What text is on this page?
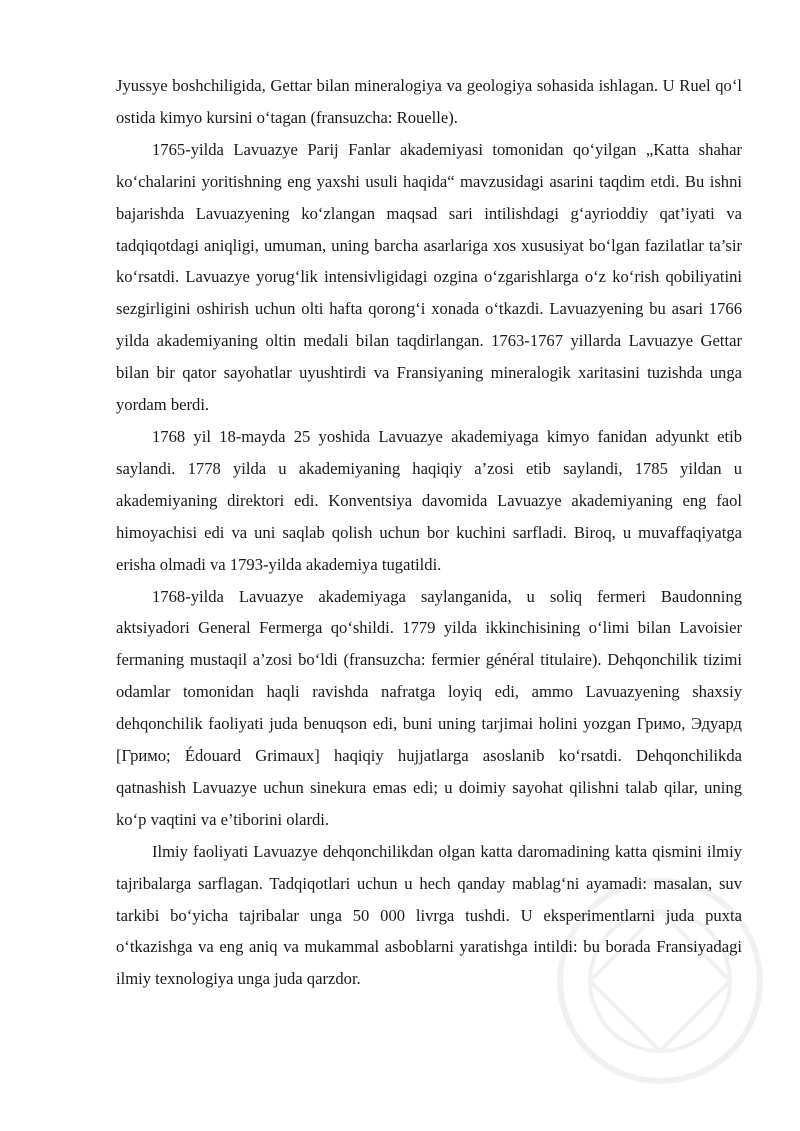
Jyussye boshchiligida, Gettar bilan mineralogiya va geologiya sohasida ishlagan. U Ruel qo‘l ostida kimyo kursini o‘tagan (fransuzcha: Rouelle).

1765-yilda Lavuazye Parij Fanlar akademiyasi tomonidan qo‘yilgan „Katta shahar ko‘chalarini yoritishning eng yaxshi usuli haqida“ mavzusidagi asarini taqdim etdi. Bu ishni bajarishda Lavuazyening ko‘zlangan maqsad sari intilishdagi g‘ayrioddiy qat’iyati va tadqiqotdagi aniqligi, umuman, uning barcha asarlariga xos xususiyat bo‘lgan fazilatlar ta’sir ko‘rsatdi. Lavuazye yorug‘lik intensivligidagi ozgina o‘zgarishlarga o‘z ko‘rish qobiliyatini sezgirligini oshirish uchun olti hafta qorong‘i xonada o‘tkazdi. Lavuazyening bu asari 1766 yilda akademiyaning oltin medali bilan taqdirlangan. 1763-1767 yillarda Lavuazye Gettar bilan bir qator sayohatlar uyushtirdi va Fransiyaning mineralogik xaritasini tuzishda unga yordam berdi.

1768 yil 18-mayda 25 yoshida Lavuazye akademiyaga kimyo fanidan adyunkt etib saylandi. 1778 yilda u akademiyaning haqiqiy a’zosi etib saylandi, 1785 yildan u akademiyaning direktori edi. Konventsiya davomida Lavuazye akademiyaning eng faol himoyachisi edi va uni saqlab qolish uchun bor kuchini sarfladi. Biroq, u muvaffaqiyatga erisha olmadi va 1793-yilda akademiya tugatildi.

1768-yilda Lavuazye akademiyaga saylanganida, u soliq fermeri Baudonning aktsiyadori General Fermerga qo‘shildi. 1779 yilda ikkinchisining o‘limi bilan Lavoisier fermaning mustaqil a’zosi bo‘ldi (fransuzcha: fermier général titulaire). Dehqonchilik tizimi odamlar tomonidan haqli ravishda nafratga loyiq edi, ammo Lavuazyening shaxsiy dehqonchilik faoliyati juda benuqson edi, buni uning tarjimai holini yozgan Гримо, Эдуард [Гримо; Édouard Grimaux] haqiqiy hujjatlarga asoslanib ko‘rsatdi. Dehqonchilikda qatnashish Lavuazye uchun sinekura emas edi; u doimiy sayohat qilishni talab qilar, uning ko‘p vaqtini va e’tiborini olardi.

Ilmiy faoliyati Lavuazye dehqonchilikdan olgan katta daromadining katta qismini ilmiy tajribalarga sarflagan. Tadqiqotlari uchun u hech qanday mablag‘ni ayamadi: masalan, suv tarkibi bo‘yicha tajribalar unga 50 000 livrga tushdi. U eksperimentlarni juda puxta o‘tkazishga va eng aniq va mukammal asboblarni yaratishga intildi: bu borada Fransiyadagi ilmiy texnologiya unga juda qarzdor.
